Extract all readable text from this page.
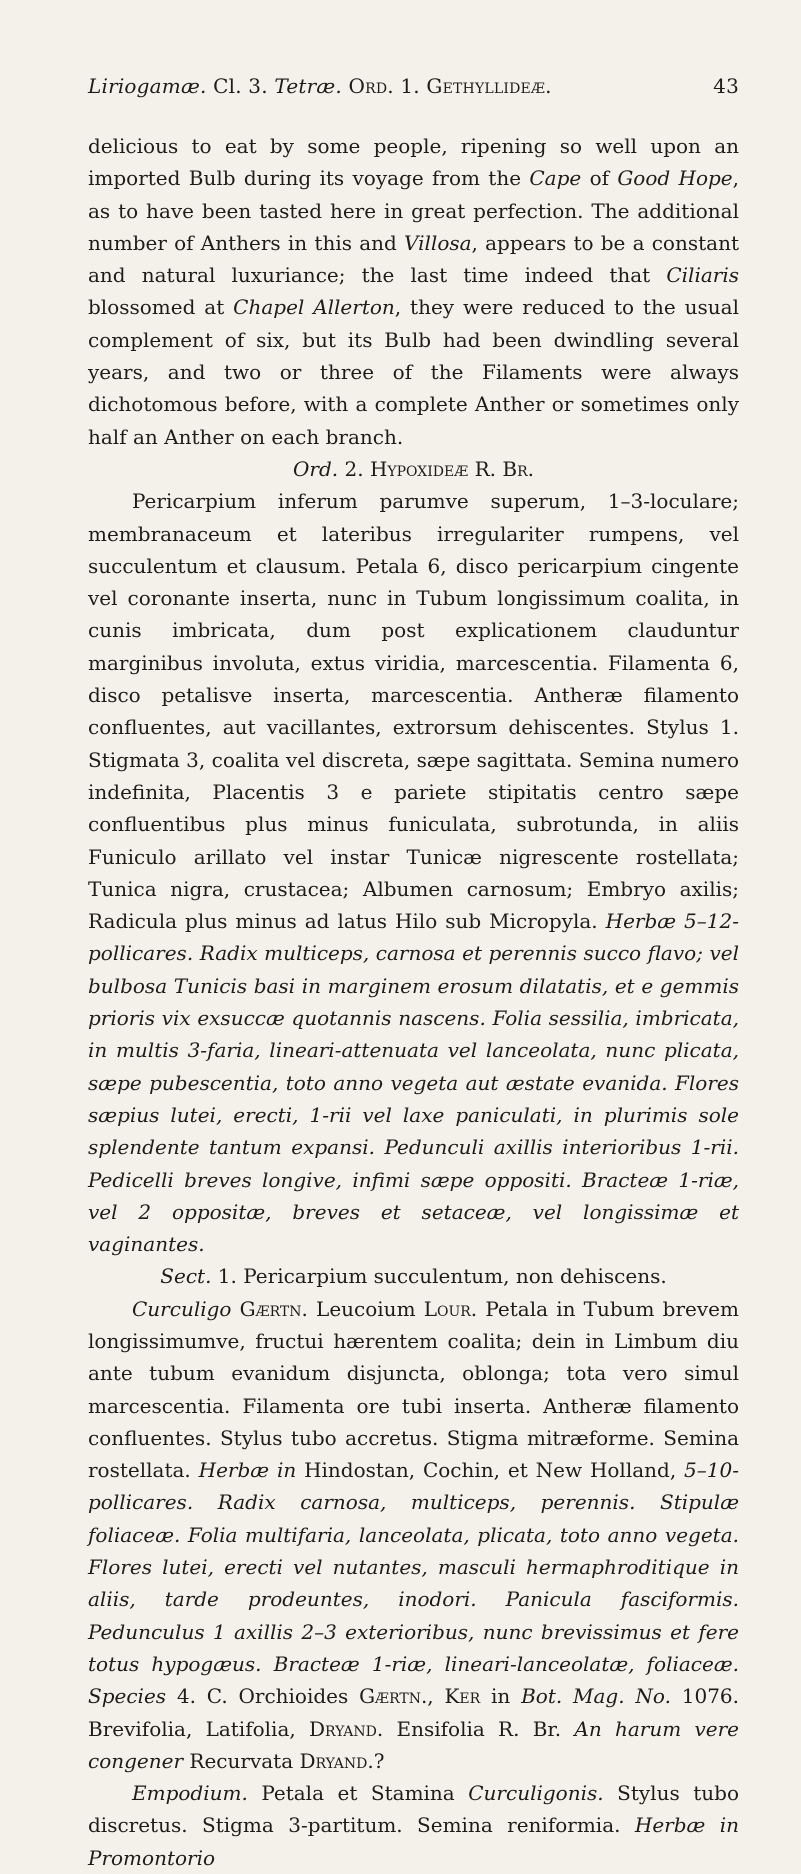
Liriogamæ. Cl. 3. Tetræ. Ord. 1. Gethyllideæ.	43

delicious to eat by some people, ripening so well upon an imported Bulb during its voyage from the Cape of Good Hope, as to have been tasted here in great perfection. The additional number of Anthers in this and Villosa, appears to be a constant and natural luxuriance; the last time indeed that Ciliaris blossomed at Chapel Allerton, they were reduced to the usual complement of six, but its Bulb had been dwindling several years, and two or three of the Filaments were always dichotomous before, with a complete Anther or sometimes only half an Anther on each branch.

Ord. 2. Hypoxideæ R. Br.

Pericarpium inferum parumve superum, 1–3-loculare; membranaceum et lateribus irregulariter rumpens, vel succulentum et clausum. Petala 6, disco pericarpium cingente vel coronante inserta, nunc in Tubum longissimum coalita, in cunis imbricata, dum post explicationem clauduntur marginibus involuta, extus viridia, marcescentia. Filamenta 6, disco petalisve inserta, marcescentia. Antheræ filamento confluentes, aut vacillantes, extrorsum dehiscentes. Stylus 1. Stigmata 3, coalita vel discreta, sæpe sagittata. Semina numero indefinita, Placentis 3 e pariete stipitatis centro sæpe confluentibus plus minus funiculata, subrotunda, in aliis Funiculo arillato vel instar Tunicæ nigrescente rostellata; Tunica nigra, crustacea; Albumen carnosum; Embryo axilis; Radicula plus minus ad latus Hilo sub Micropyla. Herbæ 5–12-pollicares. Radix multiceps, carnosa et perennis succo flavo; vel bulbosa Tunicis basi in marginem erosum dilatatis, et e gemmis prioris vix exsuccæ quotannis nascens. Folia sessilia, imbricata, in multis 3-faria, lineari-attenuata vel lanceolata, nunc plicata, sæpe pubescentia, toto anno vegeta aut æstate evanida. Flores sæpius lutei, erecti, 1-rii vel laxe paniculati, in plurimis sole splendente tantum expansi. Pedunculi axillis interioribus 1-rii. Pedicelli breves longive, infimi sæpe oppositi. Bracteæ 1-riæ, vel 2 oppositæ, breves et setaceæ, vel longissimæ et vaginantes.

Sect. 1. Pericarpium succulentum, non dehiscens.

Curculigo Gærtn. Leucoium Lour. Petala in Tubum brevem longissimumve, fructui hærentem coalita; dein in Limbum diu ante tubum evanidum disjuncta, oblonga; tota vero simul marcescentia. Filamenta ore tubi inserta. Antheræ filamento confluentes. Stylus tubo accretus. Stigma mitræforme. Semina rostellata. Herbæ in Hindostan, Cochin, et New Holland, 5–10-pollicares. Radix carnosa, multiceps, perennis. Stipulæ foliaceæ. Folia multifaria, lanceolata, plicata, toto anno vegeta. Flores lutei, erecti vel nutantes, masculi hermaphroditique in aliis, tarde prodeuntes, inodori. Panicula fasciformis. Pedunculus 1 axillis 2–3 exterioribus, nunc brevissimus et fere totus hypogæus. Bracteæ 1-riæ, lineari-lanceolatæ, foliaceæ. Species 4. C. Orchioides Gærtn., Ker in Bot. Mag. No. 1076. Brevifolia, Latifolia, Dryand. Ensifolia R. Br. An harum vere congener Recurvata Dryand.?

Empodium. Petala et Stamina Curculigonis. Stylus tubo discretus. Stigma 3-partitum. Semina reniformia. Herbæ in Promontorio
